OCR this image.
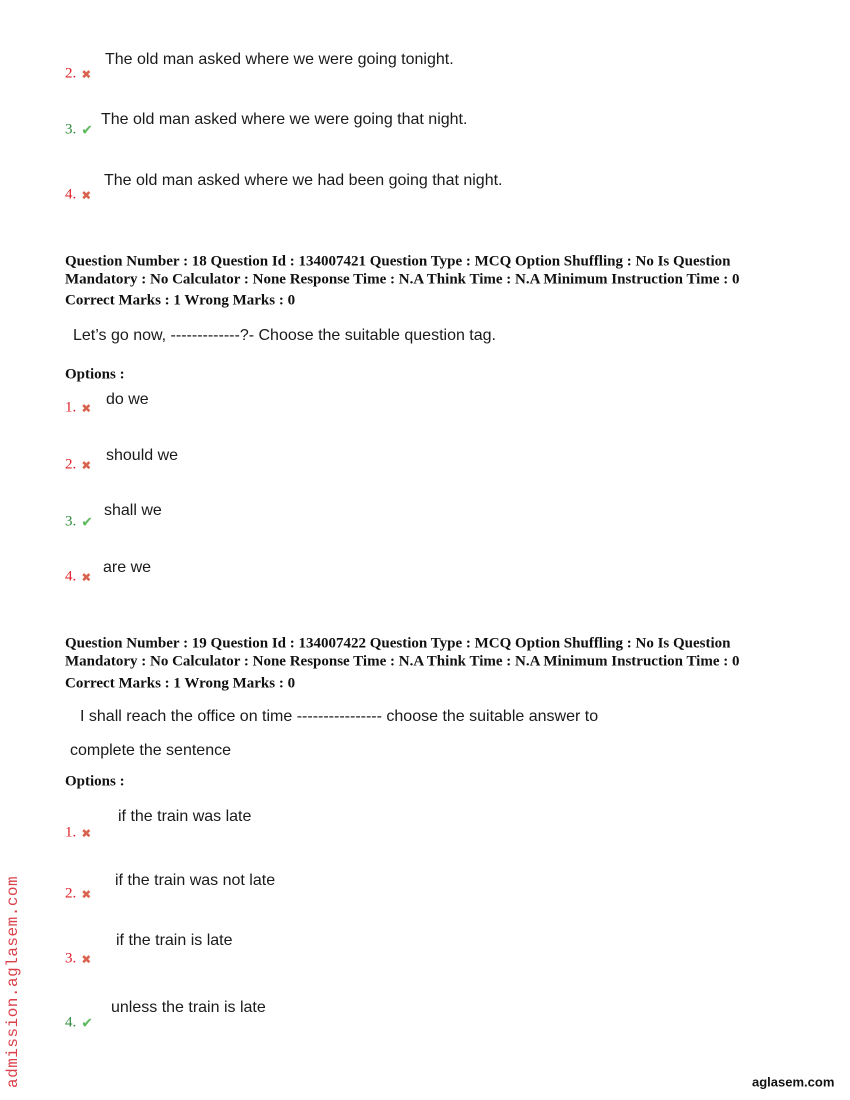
2. ✖
The old man asked where we were going tonight.
3. ✔
The old man asked where we were going that night.
4. ✖
The old man asked where we had been going that night.
Question Number : 18 Question Id : 134007421 Question Type : MCQ Option Shuffling : No Is Question
Mandatory : No Calculator : None Response Time : N.A Think Time : N.A Minimum Instruction Time : 0
Correct Marks : 1 Wrong Marks : 0
Let’s go now, -------------?- Choose the suitable question tag.
Options :
1. ✖
do we
2. ✖
should we
3. ✔
shall we
4. ✖
are we
Question Number : 19 Question Id : 134007422 Question Type : MCQ Option Shuffling : No Is Question
Mandatory : No Calculator : None Response Time : N.A Think Time : N.A Minimum Instruction Time : 0
Correct Marks : 1 Wrong Marks : 0
I shall reach the office on time ---------------- choose the suitable answer to
complete the sentence
Options :
1. ✖
if the train was late
2. ✖
if the train was not late
3. ✖
if the train is late
4. ✔
unless the train is late
admission.aglasem.com	aglasem.com
